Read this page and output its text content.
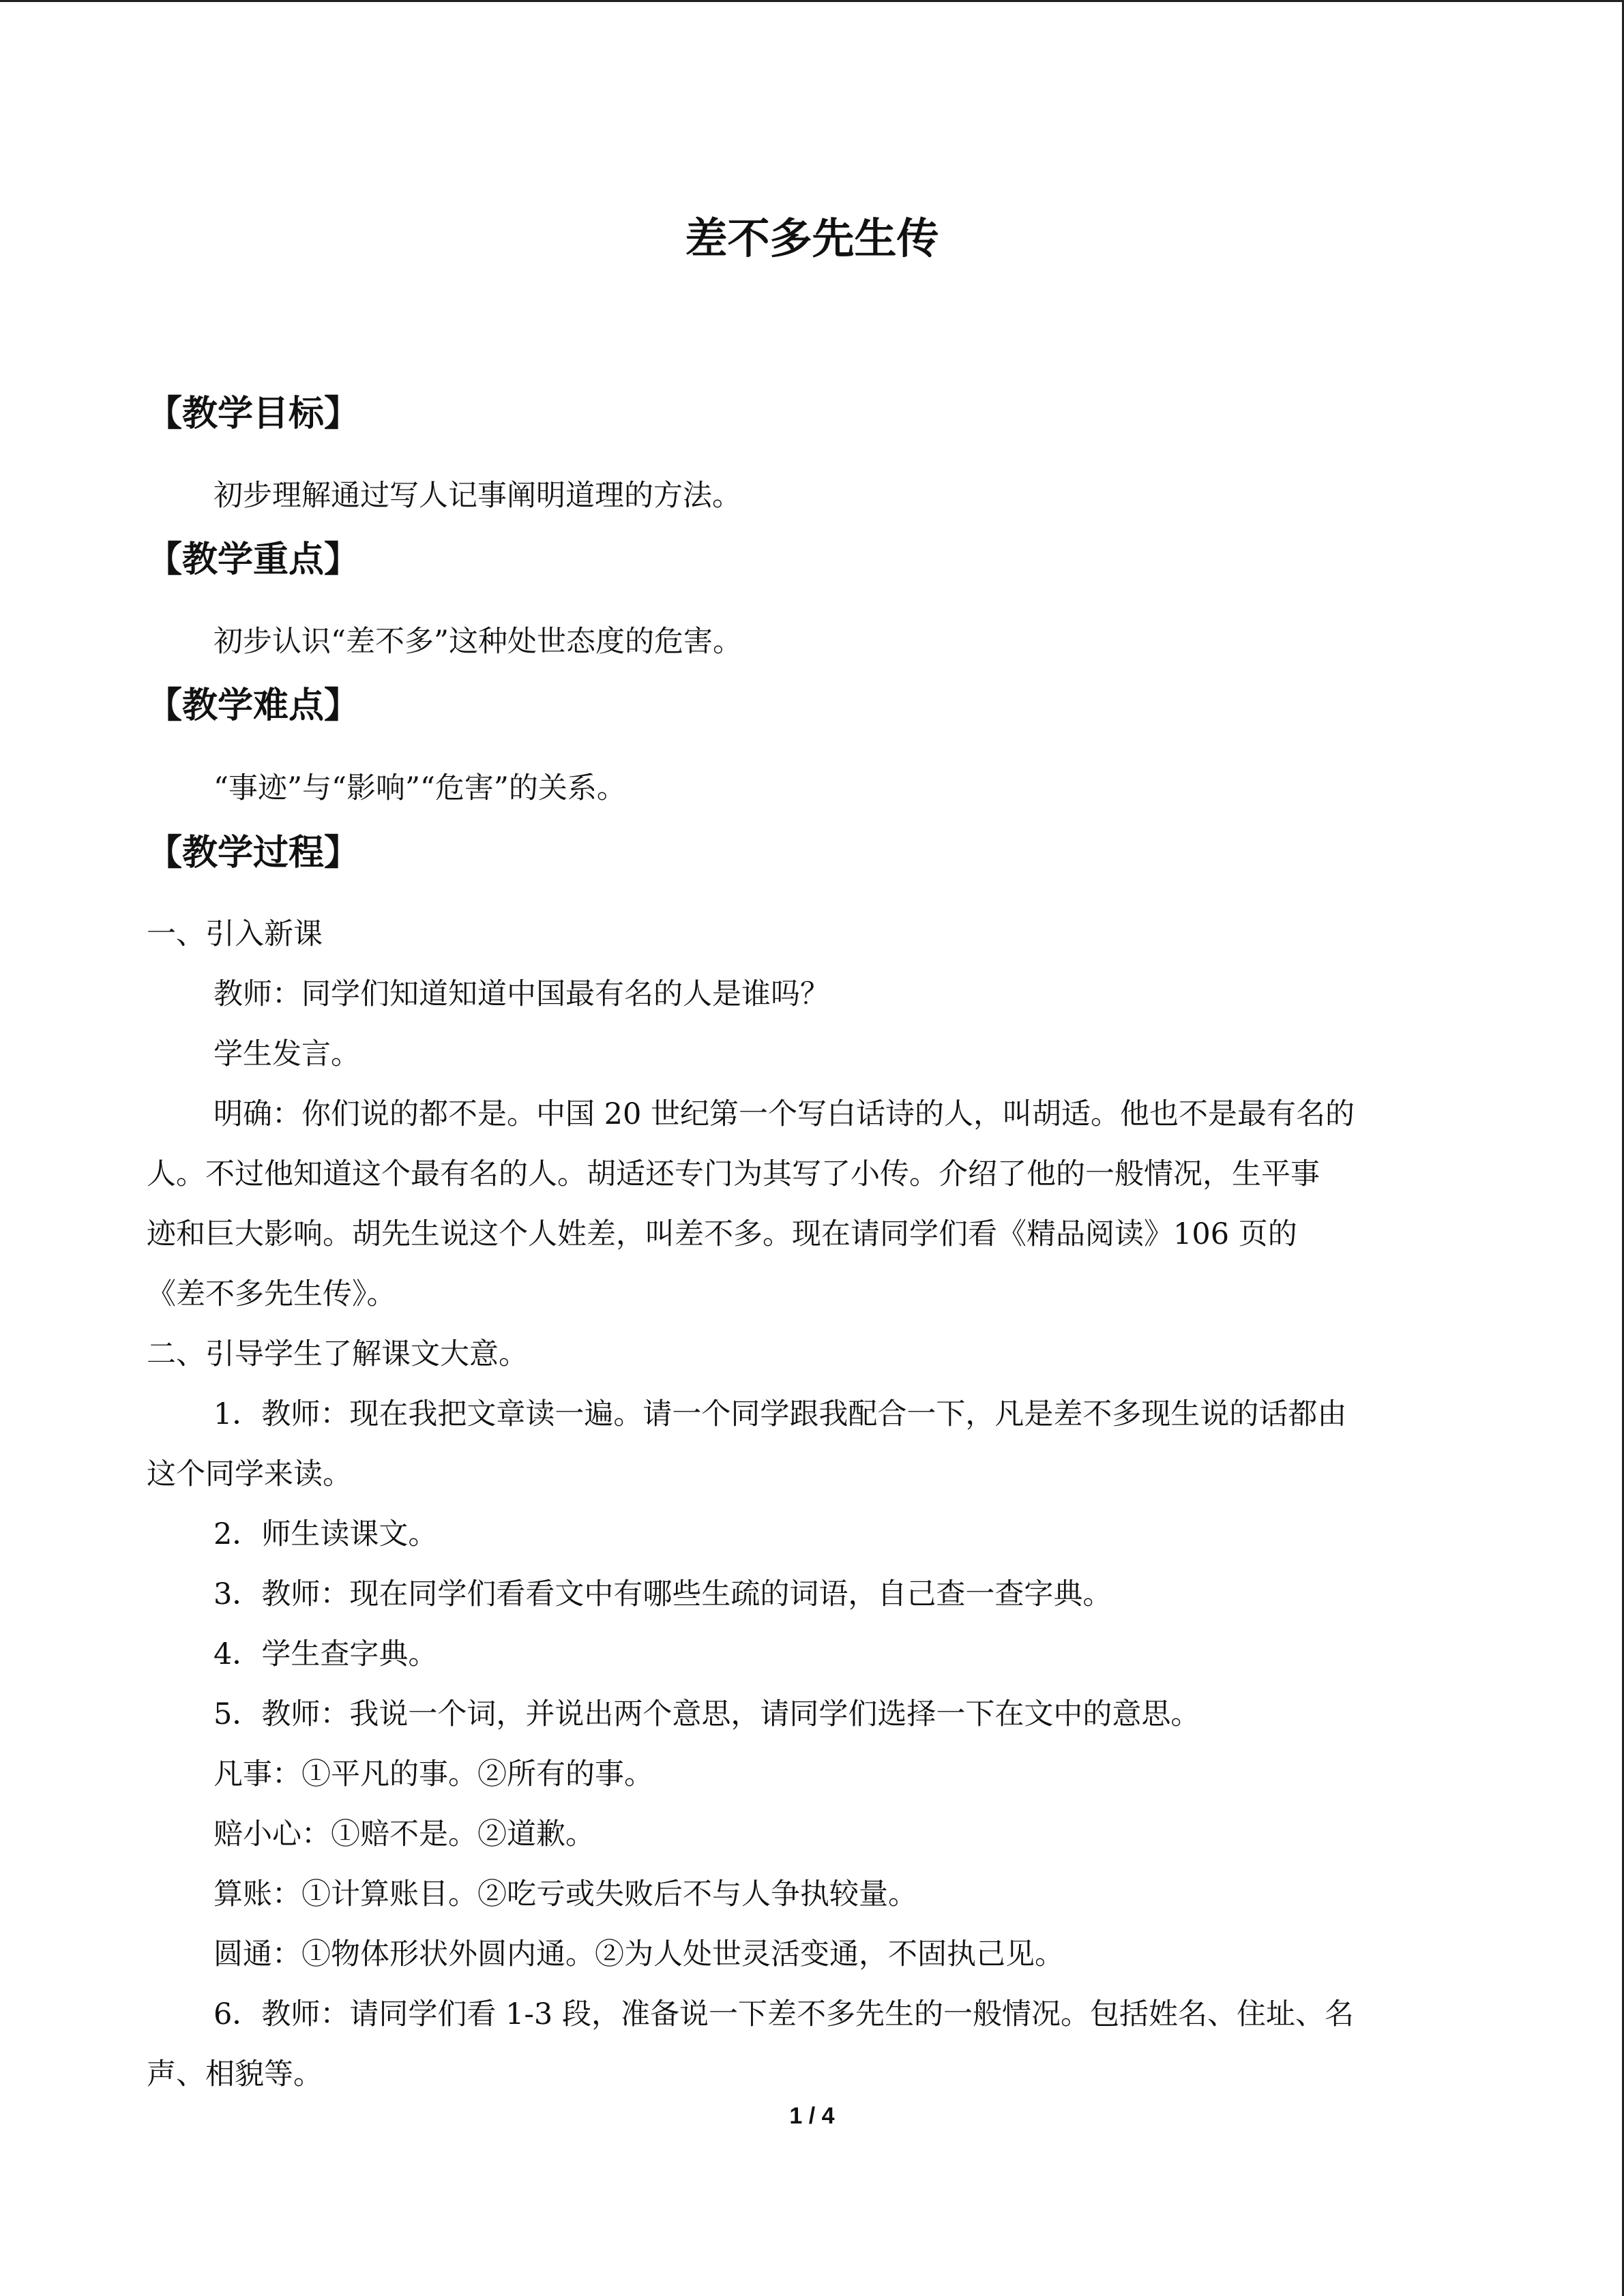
差不多先生传
【教学目标】
初步理解通过写人记事阐明道理的方法。
【教学重点】
初步认识“差不多”这种处世态度的危害。
【教学难点】
“事迹”与“影响”“危害”的关系。
【教学过程】
一、引入新课
教师：同学们知道知道中国最有名的人是谁吗？
学生发言。
明确：你们说的都不是。中国 20 世纪第一个写白话诗的人，叫胡适。他也不是最有名的
人。不过他知道这个最有名的人。胡适还专门为其写了小传。介绍了他的一般情况，生平事
迹和巨大影响。胡先生说这个人姓差，叫差不多。现在请同学们看《精品阅读》106 页的
《差不多先生传》。
二、引导学生了解课文大意。
1．教师：现在我把文章读一遍。请一个同学跟我配合一下，凡是差不多现生说的话都由
这个同学来读。
2．师生读课文。
3．教师：现在同学们看看文中有哪些生疏的词语，自己查一查字典。
4．学生查字典。
5．教师：我说一个词，并说出两个意思，请同学们选择一下在文中的意思。
凡事：①平凡的事。②所有的事。
赔小心：①赔不是。②道歉。
算账：①计算账目。②吃亏或失败后不与人争执较量。
圆通：①物体形状外圆内通。②为人处世灵活变通，不固执己见。
6．教师：请同学们看 1-3 段，准备说一下差不多先生的一般情况。包括姓名、住址、名
声、相貌等。
1 / 4
